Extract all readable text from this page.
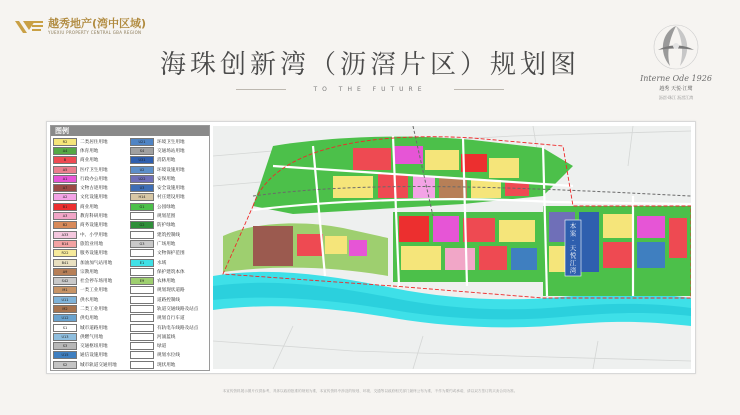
越秀地产(湾中区域)
YUEXIU PROPERTY CENTRAL GBA REGION
海珠创新湾（沥滘片区）规划图
TO THE FUTURE
Interne Ode 1926
越秀 天悦·江鹭
沥滘·珠江 沥滘江湾
图例
R2	二类居住用地	U21	环境卫生用地
A4	体育用地	S4	交通场站用地
B	商业用地	U31	消防用地
A5	医疗卫生用地	U2	环境设施用地
A1	行政办公用地	U22	安保用地
A7	文物古迹用地	U3	安全设施用地
A2	文化设施用地	H14	村庄建设用地
B1	商业用地	G1	公园绿地
A3	教育科研用地	规划范围
B2	商务设施用地	G2	防护绿地
A33	中、小学用地	建筑控制线
B14	旅馆业用地	G3	广场用地
R22	服务设施用地	文物保护范围
B41	加油加气站用地	E1	水域
A9	宗教用地	保护建筑本体
S42	社会停车场用地	E9	农林用地
M1	一类工业用地	规划现状道路
U11	供水用地	道路控制线
M2	二类工业用地	轨道交通线路及站点
U12	供电用地	规划自行车道
S1	城市道路用地	有轨电车线路及站点
U13	供燃气用地	河涌蓝线
S3	交通枢纽用地	绿道
U15	通信设施用地	规划水位线
S2	城市轨道交通用地	现状用地
本案·天悦江湾
本宣传资料展示图片仅供参考，具体以政府批准的规划为准，本宣传资料中涉及的规划、环境、交通等以政府相关部门最终公布为准，不作为要约或承诺，请以双方签订的买卖合同为准。
